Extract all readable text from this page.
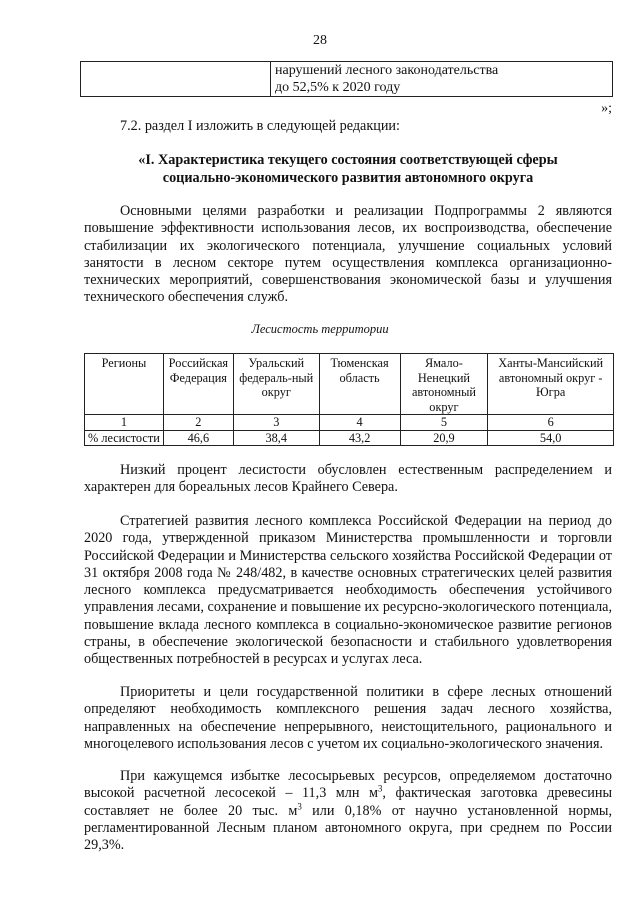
28

нарушений лесного законодательства
до 52,5% к 2020 году
»;
7.2. раздел I изложить в следующей редакции:
«I. Характеристика текущего состояния соответствующей сферы
социально-экономического развития автономного округа
Основными целями разработки и реализации Подпрограммы 2 являются повышение эффективности использования лесов, их воспроизводства, обеспечение стабилизации их экологического потенциала, улучшение социальных условий занятости в лесном секторе путем осуществления комплекса организационно-технических мероприятий, совершенствования экономической базы и улучшения технического обеспечения служб.
Лесистость территории
Регионы	Российская Федерация	Уральский федераль-ный округ	Тюменская область	Ямало-Ненецкий автономный округ	Ханты-Мансийский автономный округ - Югра
1	2	3	4	5	6
% лесистости	46,6	38,4	43,2	20,9	54,0
Низкий процент лесистости обусловлен естественным распределением и характерен для бореальных лесов Крайнего Севера.
Стратегией развития лесного комплекса Российской Федерации на период до 2020 года, утвержденной приказом Министерства промышленности и торговли Российской Федерации и Министерства сельского хозяйства Российской Федерации от 31 октября 2008 года № 248/482, в качестве основных стратегических целей развития лесного комплекса предусматривается необходимость обеспечения устойчивого управления лесами, сохранение и повышение их ресурсно-экологического потенциала, повышение вклада лесного комплекса в социально-экономическое развитие регионов страны, в обеспечение экологической безопасности и стабильного удовлетворения общественных потребностей в ресурсах и услугах леса.
Приоритеты и цели государственной политики в сфере лесных отношений определяют необходимость комплексного решения задач лесного хозяйства, направленных на обеспечение непрерывного, неистощительного, рационального и многоцелевого использования лесов с учетом их социально-экологического значения.
При кажущемся избытке лесосырьевых ресурсов, определяемом достаточно высокой расчетной лесосекой – 11,3 млн $м^3$, фактическая заготовка древесины составляет не более 20 тыс. $м^3$ или 0,18% от научно установленной нормы, регламентированной Лесным планом автономного округа, при среднем по России 29,3%.
